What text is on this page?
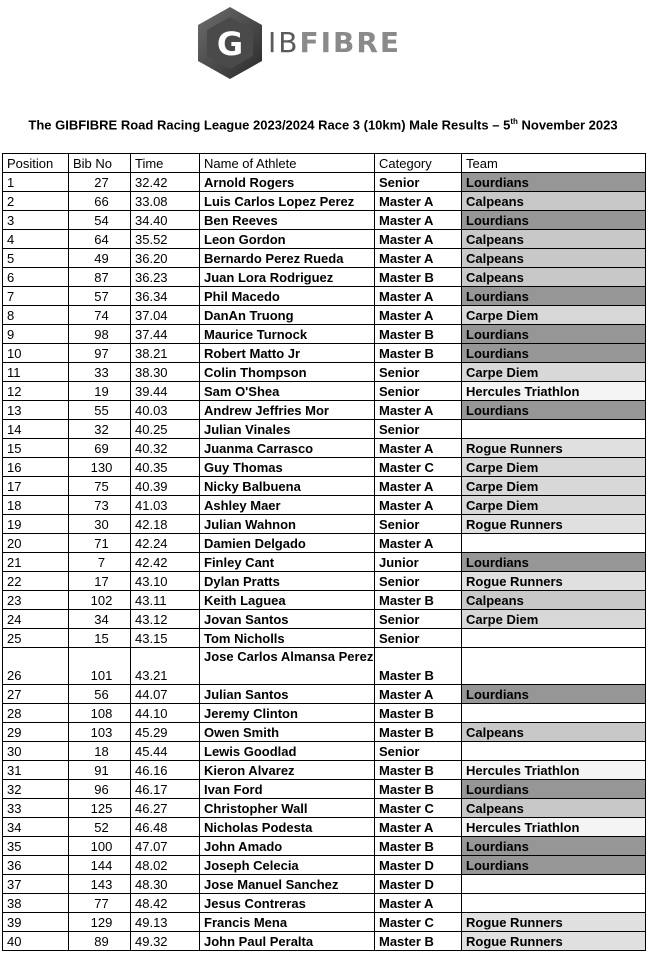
G IBFIBRE
The GIBFIBRE Road Racing League 2023/2024 Race 3 (10km) Male Results – 5th November 2023
Position	Bib No	Time	Name of Athlete	Category	Team
1	27	32.42	Arnold Rogers	Senior	Lourdians
2	66	33.08	Luis Carlos Lopez Perez	Master A	Calpeans
3	54	34.40	Ben Reeves	Master A	Lourdians
4	64	35.52	Leon Gordon	Master A	Calpeans
5	49	36.20	Bernardo Perez Rueda	Master A	Calpeans
6	87	36.23	Juan Lora Rodriguez	Master B	Calpeans
7	57	36.34	Phil Macedo	Master A	Lourdians
8	74	37.04	DanAn Truong	Master A	Carpe Diem
9	98	37.44	Maurice Turnock	Master B	Lourdians
10	97	38.21	Robert Matto Jr	Master B	Lourdians
11	33	38.30	Colin Thompson	Senior	Carpe Diem
12	19	39.44	Sam O'Shea	Senior	Hercules Triathlon
13	55	40.03	Andrew Jeffries Mor	Master A	Lourdians
14	32	40.25	Julian Vinales	Senior	
15	69	40.32	Juanma Carrasco	Master A	Rogue Runners
16	130	40.35	Guy Thomas	Master C	Carpe Diem
17	75	40.39	Nicky Balbuena	Master A	Carpe Diem
18	73	41.03	Ashley Maer	Master A	Carpe Diem
19	30	42.18	Julian Wahnon	Senior	Rogue Runners
20	71	42.24	Damien Delgado	Master A	
21	7	42.42	Finley Cant	Junior	Lourdians
22	17	43.10	Dylan Pratts	Senior	Rogue Runners
23	102	43.11	Keith Laguea	Master B	Calpeans
24	34	43.12	Jovan Santos	Senior	Carpe Diem
25	15	43.15	Tom Nicholls	Senior	
26	101	43.21	Jose Carlos Almansa Perez	Master B	
27	56	44.07	Julian Santos	Master A	Lourdians
28	108	44.10	Jeremy Clinton	Master B	
29	103	45.29	Owen Smith	Master B	Calpeans
30	18	45.44	Lewis Goodlad	Senior	
31	91	46.16	Kieron Alvarez	Master B	Hercules Triathlon
32	96	46.17	Ivan Ford	Master B	Lourdians
33	125	46.27	Christopher Wall	Master C	Calpeans
34	52	46.48	Nicholas Podesta	Master A	Hercules Triathlon
35	100	47.07	John Amado	Master B	Lourdians
36	144	48.02	Joseph Celecia	Master D	Lourdians
37	143	48.30	Jose Manuel Sanchez	Master D	
38	77	48.42	Jesus Contreras	Master A	
39	129	49.13	Francis Mena	Master C	Rogue Runners
40	89	49.32	John Paul Peralta	Master B	Rogue Runners
